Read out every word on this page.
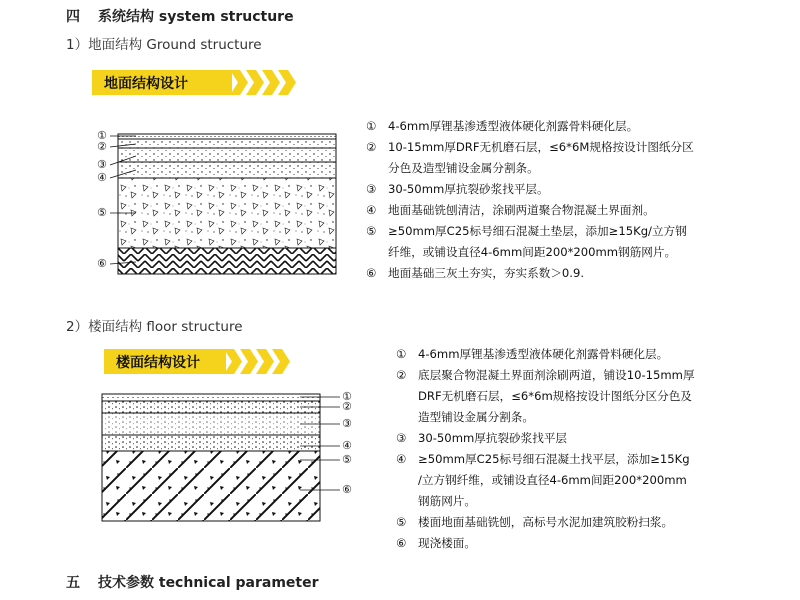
四 系统结构 system structure
1）地面结构 Ground structure
地面结构设计
①
②
③
④
⑤
⑥
① 4-6mm厚锂基渗透型液体硬化剂露骨料硬化层。
② 10-15mm厚DRF无机磨石层，≤6*6M规格按设计图纸分区
分色及造型铺设金属分割条。
③ 30-50mm厚抗裂砂浆找平层。
④ 地面基础铣刨清洁，涂刷两道聚合物混凝土界面剂。
⑤ ≥50mm厚C25标号细石混凝土垫层，添加≥15Kg/立方钢
纤维，或铺设直径4-6mm间距200*200mm钢筋网片。
⑥ 地面基础三灰土夯实，夯实系数＞0.9.
2）楼面结构 floor structure
楼面结构设计
①
②
③
④
⑤
⑥
① 4-6mm厚锂基渗透型液体硬化剂露骨料硬化层。
② 底层聚合物混凝土界面剂涂刷两道，铺设10-15mm厚
DRF无机磨石层，≤6*6m规格按设计图纸分区分色及
造型铺设金属分割条。
③ 30-50mm厚抗裂砂浆找平层
④ ≥50mm厚C25标号细石混凝土找平层，添加≥15Kg
/立方钢纤维，或铺设直径4-6mm间距200*200mm
钢筋网片。
⑤ 楼面地面基础铣刨，高标号水泥加建筑胶粉扫浆。
⑥ 现浇楼面。
五 技术参数 technical parameter
